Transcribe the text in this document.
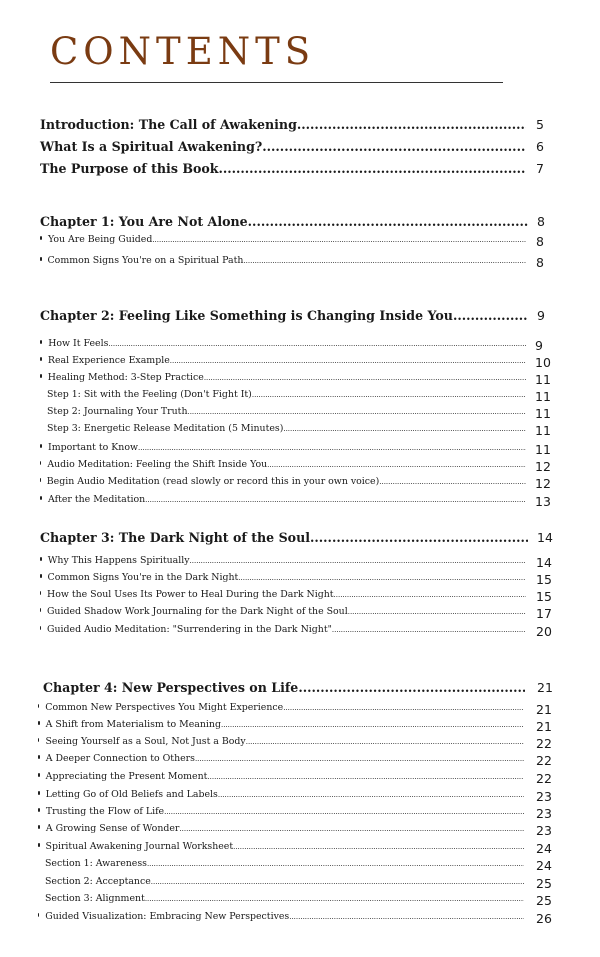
CONTENTS
Introduction: The Call of Awakening .....	5
What Is a Spiritual Awakening? .....	6
The Purpose of this Book .....	7
Chapter 1: You Are Not Alone .....	8
You Are Being Guided .....	8
Common Signs You're on a Spiritual Path .....	8
Chapter 2: Feeling Like Something is Changing Inside You .....	9
How It Feels .....	9
Real Experience Example .....	10
Healing Method: 3-Step Practice .....	11
Step 1: Sit with the Feeling (Don't Fight It) .....	11
Step 2: Journaling Your Truth .....	11
Step 3: Energetic Release Meditation (5 Minutes) .....	11
Important to Know .....	11
Audio Meditation: Feeling the Shift Inside You .....	12
Begin Audio Meditation (read slowly or record this in your own voice) .....	12
After the Meditation .....	13
Chapter 3: The Dark Night of the Soul .....	14
Why This Happens Spiritually .....	14
Common Signs You're in the Dark Night .....	15
How the Soul Uses Its Power to Heal During the Dark Night .....	15
Guided Shadow Work Journaling for the Dark Night of the Soul .....	17
Guided Audio Meditation: "Surrendering in the Dark Night" .....	20
Chapter 4: New Perspectives on Life .....	21
Common New Perspectives You Might Experience .....	21
A Shift from Materialism to Meaning .....	21
Seeing Yourself as a Soul, Not Just a Body .....	22
A Deeper Connection to Others .....	22
Appreciating the Present Moment .....	22
Letting Go of Old Beliefs and Labels .....	23
Trusting the Flow of Life .....	23
A Growing Sense of Wonder .....	23
Spiritual Awakening Journal Worksheet .....	24
Section 1: Awareness .....	24
Section 2: Acceptance .....	25
Section 3: Alignment .....	25
Guided Visualization: Embracing New Perspectives .....	26
